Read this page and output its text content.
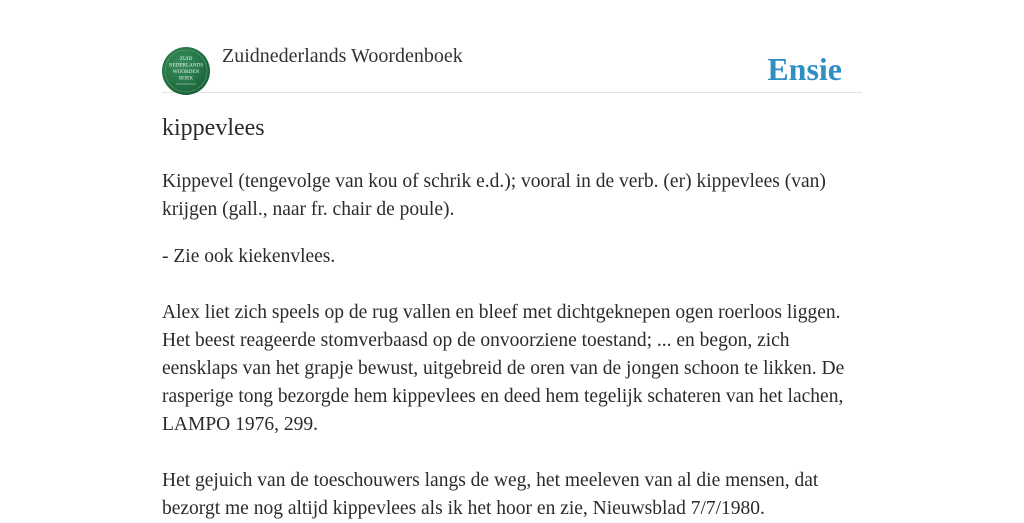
ZUID
NEDERLANDS
WOORDEN
BOEK
Zuidnederlands Woordenboek	Ensie
kippevlees

Kippevel (tengevolge van kou of schrik e.d.); vooral in de verb. (er) kippevlees (van) krijgen (gall., naar fr. chair de poule).

- Zie ook kiekenvlees.

Alex liet zich speels op de rug vallen en bleef met dichtgeknepen ogen roerloos liggen. Het beest reageerde stomverbaasd op de onvoorziene toestand; ... en begon, zich eensklaps van het grapje bewust, uitgebreid de oren van de jongen schoon te likken. De rasperige tong bezorgde hem kippevlees en deed hem tegelijk schateren van het lachen, LAMPO 1976, 299.

Het gejuich van de toeschouwers langs de weg, het meeleven van al die mensen, dat bezorgt me nog altijd kippevlees als ik het hoor en zie, Nieuwsblad 7/7/1980.
